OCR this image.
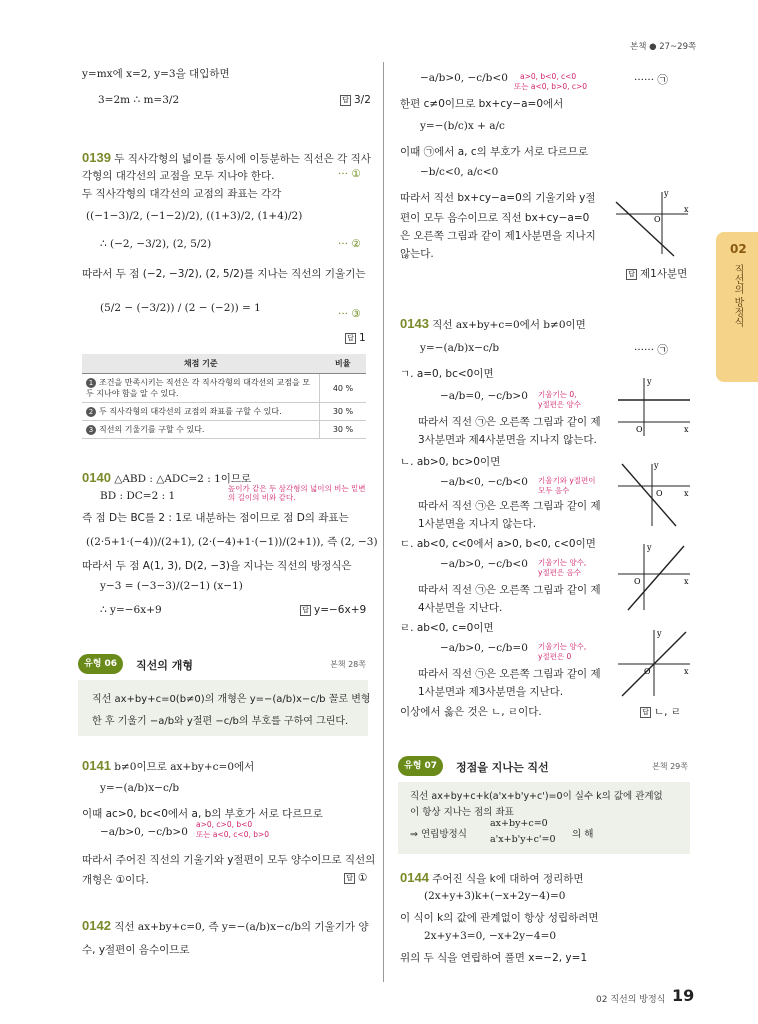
본책 ● 27~29쪽
02
직선의 방정식
y=mx에 x=2, y=3을 대입하면
3=2m ∴ m=3/2	답 3/2
0139 두 직사각형의 넓이를 동시에 이등분하는 직선은 각 직사
각형의 대각선의 교점을 모두 지나야 한다.	··· ①
두 직사각형의 대각선의 교점의 좌표는 각각
((−1−3)/2, (−1−2)/2), ((1+3)/2, (1+4)/2)
∴ (−2, −3/2), (2, 5/2)	··· ②
따라서 두 점 (−2, −3/2), (2, 5/2)를 지나는 직선의 기울기는
(5/2 − (−3/2)) / (2 − (−2)) = 1	··· ③
답 1
채점 기준	비율
1 조건을 만족시키는 직선은 각 직사각형의 대각선의 교점을 모두 지나야 함을 알 수 있다.	40 %
2 두 직사각형의 대각선의 교점의 좌표를 구할 수 있다.	30 %
3 직선의 기울기를 구할 수 있다.	30 %
0140 △ABD : △ADC=2 : 1이므로
높이가 같은 두 삼각형의 넓이의 비는 밑변의 길이의 비와 같다.
BD : DC=2 : 1
즉 점 D는 BC를 2 : 1로 내분하는 점이므로 점 D의 좌표는
((2·5+1·(−4))/(2+1), (2·(−4)+1·(−1))/(2+1)), 즉 (2, −3)
따라서 두 점 A(1, 3), D(2, −3)을 지나는 직선의 방정식은
y−3 = (−3−3)/(2−1) (x−1)
∴ y=−6x+9	답 y=−6x+9
유형 06	직선의 개형	본책 28쪽
직선 ax+by+c=0(b≠0)의 개형은 y=−(a/b)x−c/b 꼴로 변형
한 후 기울기 −a/b와 y절편 −c/b의 부호를 구하여 그린다.
0141 b≠0이므로 ax+by+c=0에서
y=−(a/b)x−c/b
이때 ac>0, bc<0에서 a, b의 부호가 서로 다르므로
a>0, c>0, b<0
또는 a<0, c<0, b>0
−a/b>0, −c/b>0
따라서 주어진 직선의 기울기와 y절편이 모두 양수이므로 직선의
개형은 ①이다.	답 ①
0142 직선 ax+by+c=0, 즉 y=−(a/b)x−c/b의 기울기가 양
수, y절편이 음수이므로
−a/b>0, −c/b<0 a>0, b<0, c<0
또는 a<0, b>0, c>0
······ ㉠
한편 c≠0이므로 bx+cy−a=0에서
y=−(b/c)x + a/c
이때 ㉠에서 a, c의 부호가 서로 다르므로
−b/c<0, a/c<0
따라서 직선 bx+cy−a=0의 기울기와 y절
편이 모두 음수이므로 직선 bx+cy−a=0
은 오른쪽 그림과 같이 제1사분면을 지나지
않는다.
x
y
O
답 제1사분면
0143 직선 ax+by+c=0에서 b≠0이면
y=−(a/b)x−c/b	······ ㉠
ㄱ. a=0, bc<0이면
−a/b=0, −c/b>0 기울기는 0,
y절편은 양수
따라서 직선 ㉠은 오른쪽 그림과 같이 제
3사분면과 제4사분면을 지나지 않는다.
x
y
O
ㄴ. ab>0, bc>0이면
−a/b<0, −c/b<0 기울기와 y절편이
모두 음수
따라서 직선 ㉠은 오른쪽 그림과 같이 제
1사분면을 지나지 않는다.
x
y
O
ㄷ. ab<0, c<0에서 a>0, b<0, c<0이면
−a/b>0, −c/b<0 기울기는 양수,
y절편은 음수
따라서 직선 ㉠은 오른쪽 그림과 같이 제
4사분면을 지난다.
x
y
O
ㄹ. ab<0, c=0이면
−a/b>0, −c/b=0 기울기는 양수,
y절편은 0
따라서 직선 ㉠은 오른쪽 그림과 같이 제
1사분면과 제3사분면을 지난다.
x
y
O
이상에서 옳은 것은 ㄴ, ㄹ이다.	답 ㄴ, ㄹ
유형 07	정점을 지나는 직선	본책 29쪽
직선 ax+by+c+k(a'x+b'y+c')=0이 실수 k의 값에 관계없
이 항상 지나는 점의 좌표
⇒ 연립방정식
ax+by+c=0
a'x+b'y+c'=0 의 해
0144 주어진 식을 k에 대하여 정리하면
(2x+y+3)k+(−x+2y−4)=0
이 식이 k의 값에 관계없이 항상 성립하려면
2x+y+3=0, −x+2y−4=0
위의 두 식을 연립하여 풀면 x=−2, y=1
02 직선의 방정식 19
